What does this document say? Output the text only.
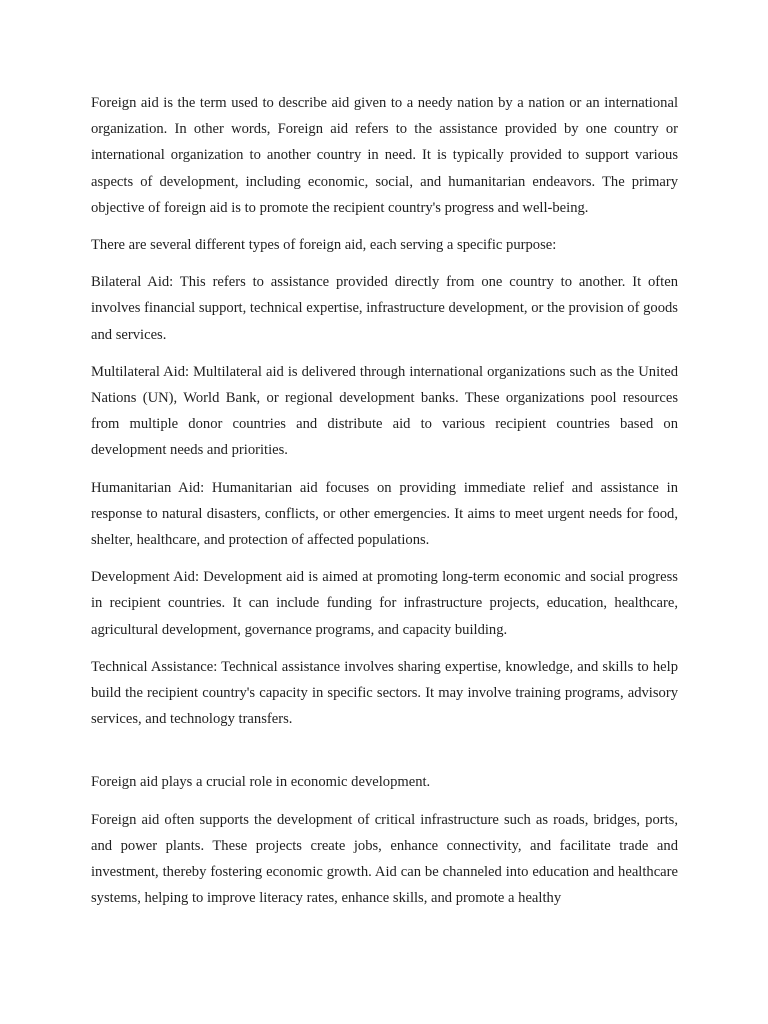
Foreign aid is the term used to describe aid given to a needy nation by a nation or an international organization. In other words, Foreign aid refers to the assistance provided by one country or international organization to another country in need. It is typically provided to support various aspects of development, including economic, social, and humanitarian endeavors. The primary objective of foreign aid is to promote the recipient country's progress and well-being.

There are several different types of foreign aid, each serving a specific purpose:

Bilateral Aid: This refers to assistance provided directly from one country to another. It often involves financial support, technical expertise, infrastructure development, or the provision of goods and services.

Multilateral Aid: Multilateral aid is delivered through international organizations such as the United Nations (UN), World Bank, or regional development banks. These organizations pool resources from multiple donor countries and distribute aid to various recipient countries based on development needs and priorities.

Humanitarian Aid: Humanitarian aid focuses on providing immediate relief and assistance in response to natural disasters, conflicts, or other emergencies. It aims to meet urgent needs for food, shelter, healthcare, and protection of affected populations.

Development Aid: Development aid is aimed at promoting long-term economic and social progress in recipient countries. It can include funding for infrastructure projects, education, healthcare, agricultural development, governance programs, and capacity building.

Technical Assistance: Technical assistance involves sharing expertise, knowledge, and skills to help build the recipient country's capacity in specific sectors. It may involve training programs, advisory services, and technology transfers.

Foreign aid plays a crucial role in economic development.

Foreign aid often supports the development of critical infrastructure such as roads, bridges, ports, and power plants. These projects create jobs, enhance connectivity, and facilitate trade and investment, thereby fostering economic growth. Aid can be channeled into education and healthcare systems, helping to improve literacy rates, enhance skills, and promote a healthy
